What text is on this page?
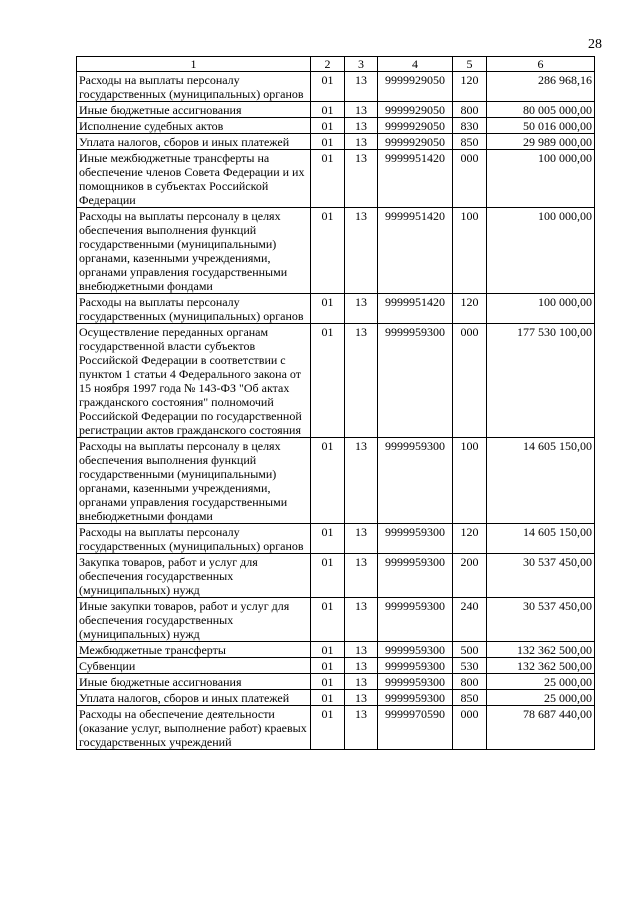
28
1	2	3	4	5	6
Расходы на выплаты персоналу государственных (муниципальных) органов	01	13	9999929050	120	286 968,16
Иные бюджетные ассигнования	01	13	9999929050	800	80 005 000,00
Исполнение судебных актов	01	13	9999929050	830	50 016 000,00
Уплата налогов, сборов и иных платежей	01	13	9999929050	850	29 989 000,00
Иные межбюджетные трансферты на обеспечение членов Совета Федерации и их помощников в субъектах Российской Федерации	01	13	9999951420	000	100 000,00
Расходы на выплаты персоналу в целях обеспечения выполнения функций государственными (муниципальными) органами, казенными учреждениями, органами управления государственными внебюджетными фондами	01	13	9999951420	100	100 000,00
Расходы на выплаты персоналу государственных (муниципальных) органов	01	13	9999951420	120	100 000,00
Осуществление переданных органам государственной власти субъектов Российской Федерации в соответствии с пунктом 1 статьи 4 Федерального закона от 15 ноября 1997 года № 143-ФЗ "Об актах гражданского состояния" полномочий Российской Федерации по государственной регистрации актов гражданского состояния	01	13	9999959300	000	177 530 100,00
Расходы на выплаты персоналу в целях обеспечения выполнения функций государственными (муниципальными) органами, казенными учреждениями, органами управления государственными внебюджетными фондами	01	13	9999959300	100	14 605 150,00
Расходы на выплаты персоналу государственных (муниципальных) органов	01	13	9999959300	120	14 605 150,00
Закупка товаров, работ и услуг для обеспечения государственных (муниципальных) нужд	01	13	9999959300	200	30 537 450,00
Иные закупки товаров, работ и услуг для обеспечения государственных (муниципальных) нужд	01	13	9999959300	240	30 537 450,00
Межбюджетные трансферты	01	13	9999959300	500	132 362 500,00
Субвенции	01	13	9999959300	530	132 362 500,00
Иные бюджетные ассигнования	01	13	9999959300	800	25 000,00
Уплата налогов, сборов и иных платежей	01	13	9999959300	850	25 000,00
Расходы на обеспечение деятельности (оказание услуг, выполнение работ) краевых государственных учреждений	01	13	9999970590	000	78 687 440,00
